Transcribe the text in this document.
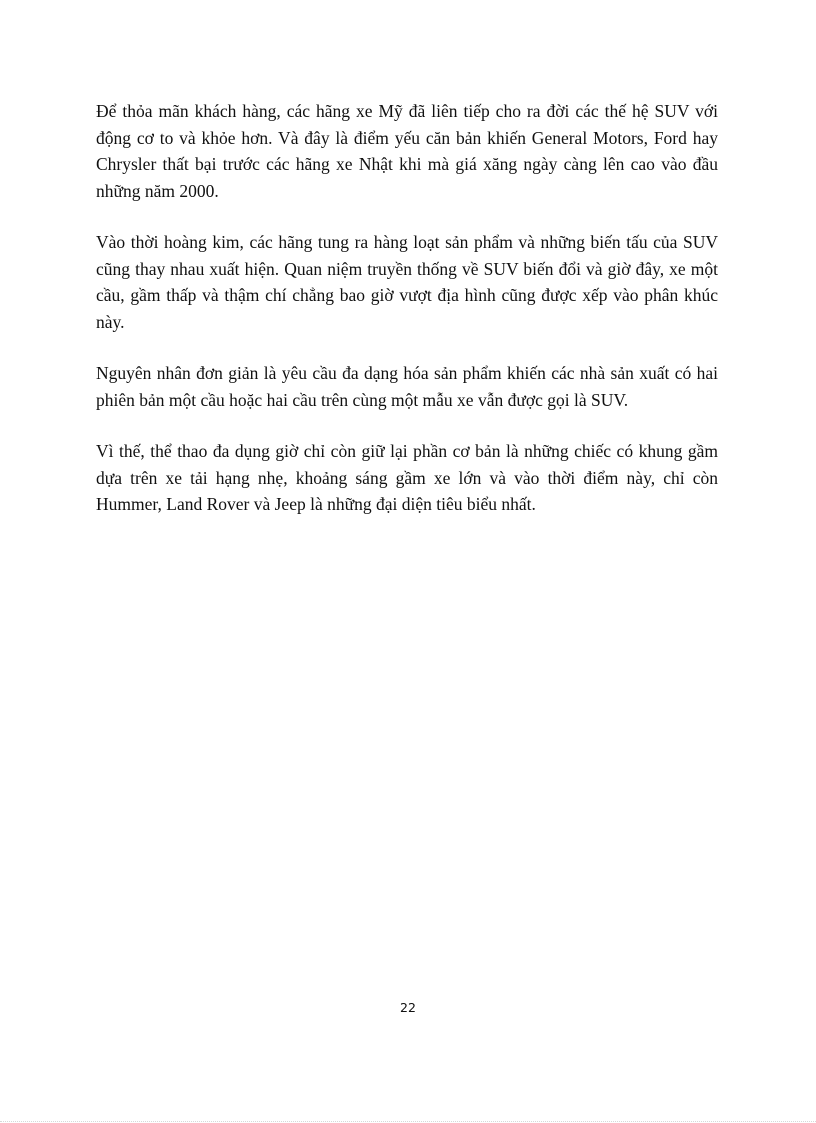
Để thỏa mãn khách hàng, các hãng xe Mỹ đã liên tiếp cho ra đời các thế hệ SUV với động cơ to và khỏe hơn. Và đây là điểm yếu căn bản khiến General Motors, Ford hay Chrysler thất bại trước các hãng xe Nhật khi mà giá xăng ngày càng lên cao vào đầu những năm 2000.

Vào thời hoàng kim, các hãng tung ra hàng loạt sản phẩm và những biến tấu của SUV cũng thay nhau xuất hiện. Quan niệm truyền thống về SUV biến đổi và giờ đây, xe một cầu, gầm thấp và thậm chí chẳng bao giờ vượt địa hình cũng được xếp vào phân khúc này.

Nguyên nhân đơn giản là yêu cầu đa dạng hóa sản phẩm khiến các nhà sản xuất có hai phiên bản một cầu hoặc hai cầu trên cùng một mẫu xe vẫn được gọi là SUV.

Vì thế, thể thao đa dụng giờ chỉ còn giữ lại phần cơ bản là những chiếc có khung gầm dựa trên xe tải hạng nhẹ, khoảng sáng gầm xe lớn và vào thời điểm này, chỉ còn Hummer, Land Rover và Jeep là những đại diện tiêu biểu nhất.

22
